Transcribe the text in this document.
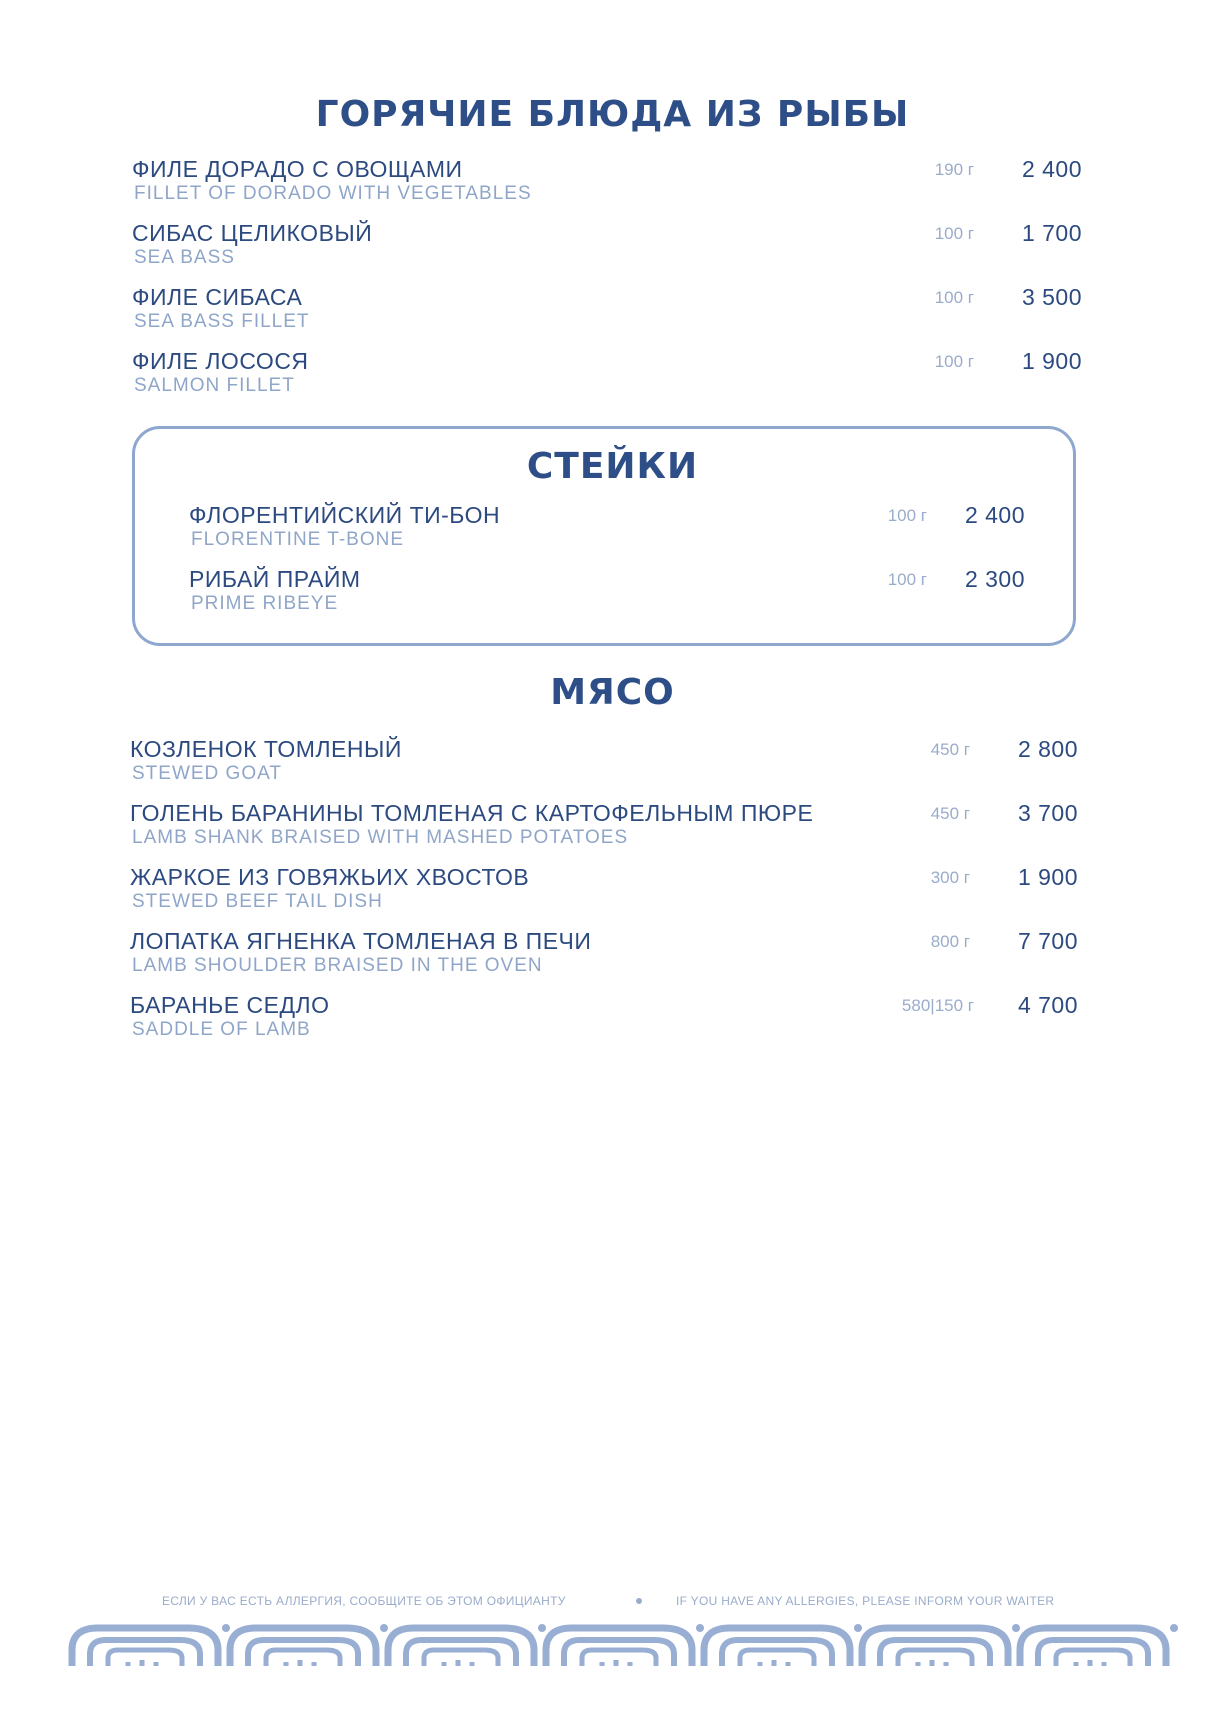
ГОРЯЧИЕ БЛЮДА ИЗ РЫБЫ
ФИЛЕ ДОРАДО С ОВОЩАМИ
FILLET OF DORADO WITH VEGETABLES
190 г 2 400
СИБАС ЦЕЛИКОВЫЙ
SEA BASS
100 г 1 700
ФИЛЕ СИБАСА
SEA BASS FILLET
100 г 3 500
ФИЛЕ ЛОСОСЯ
SALMON FILLET
100 г 1 900
СТЕЙКИ
ФЛОРЕНТИЙСКИЙ ТИ-БОН
FLORENTINE T-BONE
100 г 2 400
РИБАЙ ПРАЙМ
PRIME RIBEYE
100 г 2 300
МЯСО
КОЗЛЕНОК ТОМЛЕНЫЙ
STEWED GOAT
450 г 2 800
ГОЛЕНЬ БАРАНИНЫ ТОМЛЕНАЯ С КАРТОФЕЛЬНЫМ ПЮРЕ
LAMB SHANK BRAISED WITH MASHED POTATOES
450 г 3 700
ЖАРКОЕ ИЗ ГОВЯЖЬИХ ХВОСТОВ
STEWED BEEF TAIL DISH
300 г 1 900
ЛОПАТКА ЯГНЕНКА ТОМЛЕНАЯ В ПЕЧИ
LAMB SHOULDER BRAISED IN THE OVEN
800 г 7 700
БАРАНЬЕ СЕДЛО
SADDLE OF LAMB
580|150 г 4 700
ЕСЛИ У ВАС ЕСТЬ АЛЛЕРГИЯ, СООБЩИТЕ ОБ ЭТОМ ОФИЦИАНТУ	IF YOU HAVE ANY ALLERGIES, PLEASE INFORM YOUR WAITER
